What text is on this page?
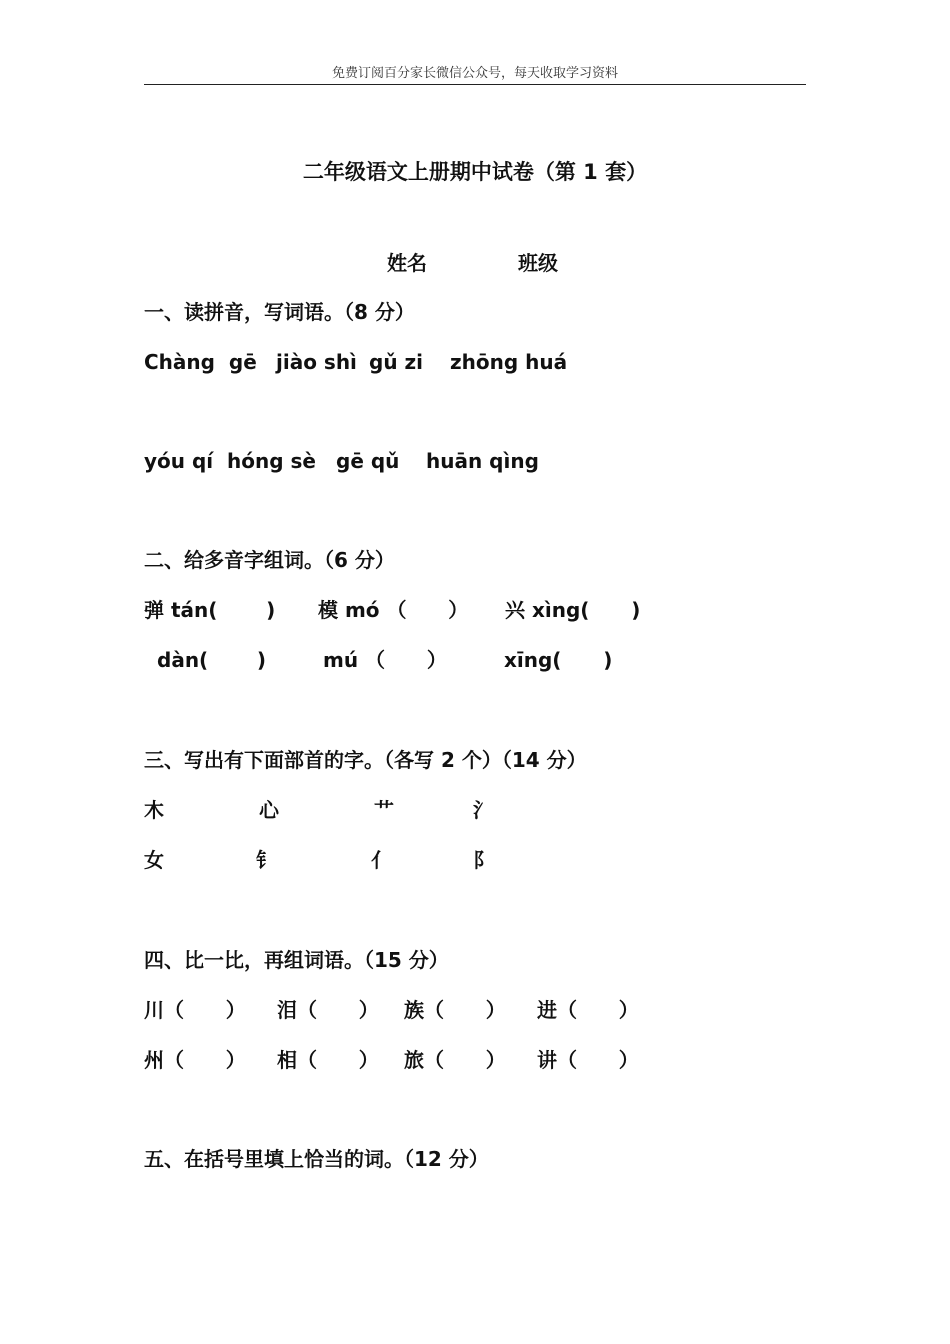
免费订阅百分家长微信公众号，每天收取学习资料
二年级语文上册期中试卷（第 1 套）
姓名	班级
一、读拼音，写词语。（8 分）
Chàng  gē jiào shì gǔ zi zhōng huá
yóu qí hóng sè gē qǔ huān qìng
二、给多音字组词。（6 分）
弹 tán(       ) 模 mó （      ） 兴 xìng(      )
dàn(       )	mú （      ）	xīng(      )
三、写出有下面部首的字。（各写 2 个）（14 分）
木	心	艹	氵
女	钅	亻	阝
四、比一比，再组词语。（15 分）
川（      ） 泪（      ） 族（      ） 进（      ）
州（      ） 相（      ） 旅（      ） 讲（      ）
五、在括号里填上恰当的词。（12 分）
